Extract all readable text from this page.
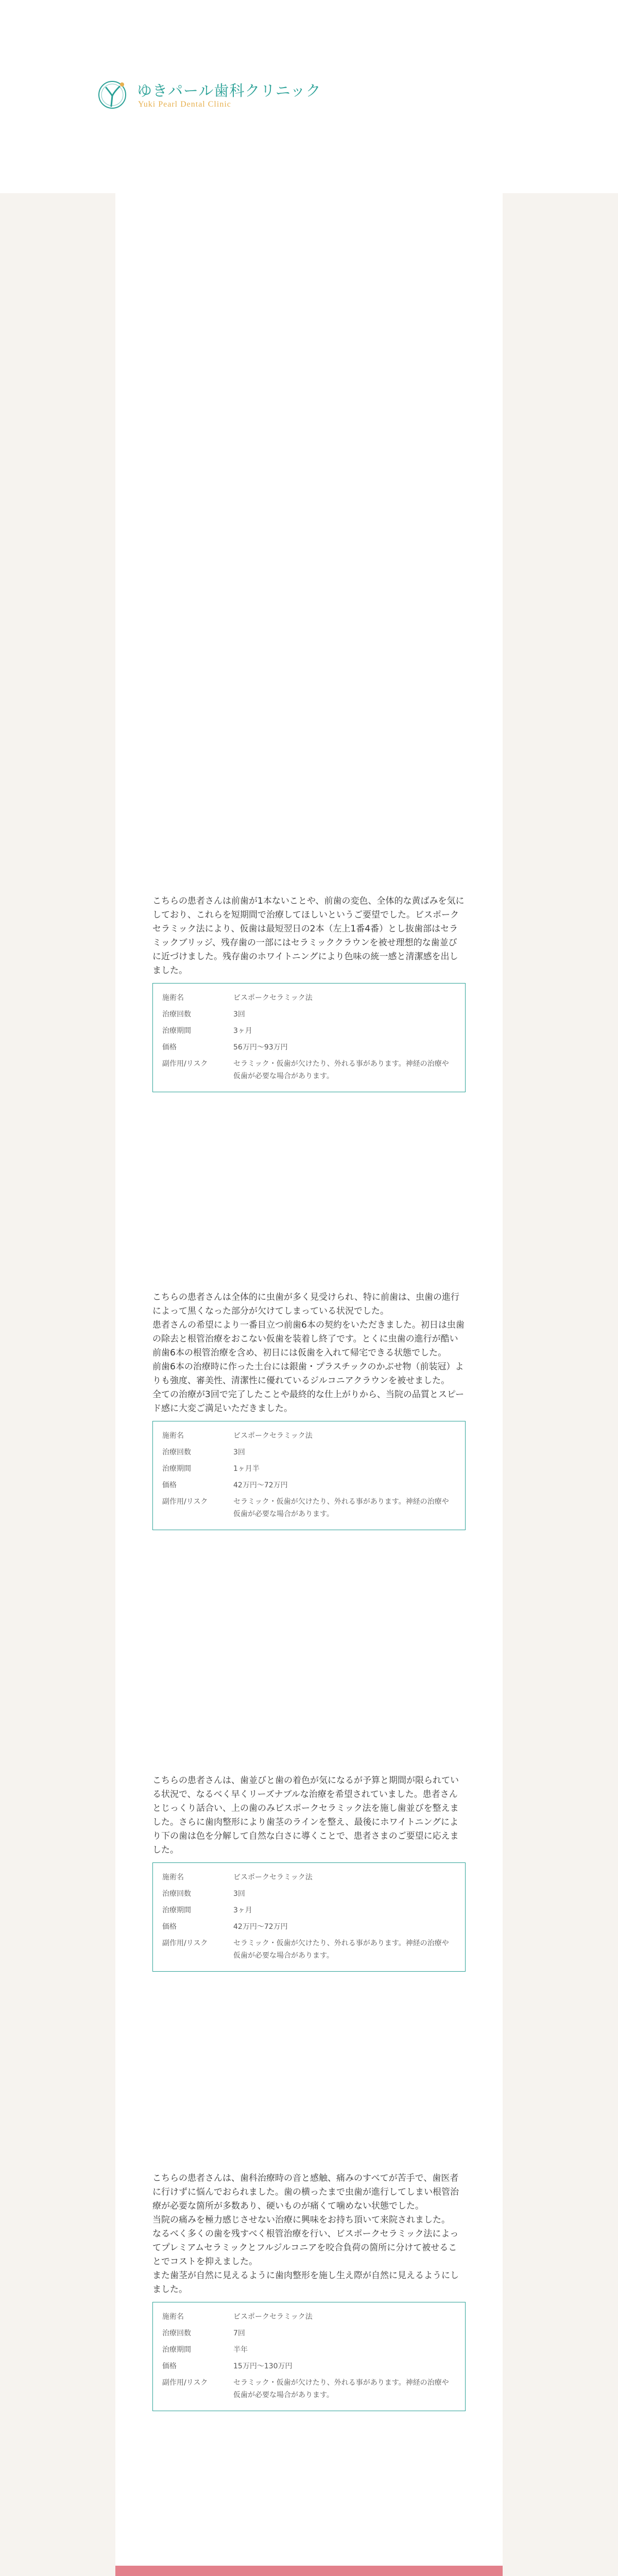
ゆきパール歯科クリニック
Yuki Pearl Dental Clinic

こちらの患者さんは前歯が1本ないことや、前歯の変色、全体的な黄ばみを気にしており、これらを短期間で治療してほしいというご要望でした。ビスポークセラミック法により、仮歯は最短翌日の2本（左上1番4番）とし抜歯部はセラミックブリッジ、残存歯の一部にはセラミッククラウンを被せ理想的な歯並びに近づけました。残存歯のホワイトニングにより色味の統一感と清潔感を出しました。

施術名	ビスポークセラミック法
治療回数	3回
治療期間	3ヶ月
価格	56万円〜93万円
副作用/リスク	セラミック・仮歯が欠けたり、外れる事があります。神経の治療や仮歯が必要な場合があります。

こちらの患者さんは全体的に虫歯が多く見受けられ、特に前歯は、虫歯の進行によって黒くなった部分が欠けてしまっている状況でした。

患者さんの希望により一番目立つ前歯6本の契約をいただきました。初日は虫歯の除去と根管治療をおこない仮歯を装着し終了です。とくに虫歯の進行が酷い前歯6本の根管治療を含め、初日には仮歯を入れて帰宅できる状態でした。

前歯6本の治療時に作った土台には銀歯・プラスチックのかぶせ物（前装冠）よりも強度、審美性、清潔性に優れているジルコニアクラウンを被せました。

全ての治療が3回で完了したことや最終的な仕上がりから、当院の品質とスピード感に大変ご満足いただきました。

施術名	ビスポークセラミック法
治療回数	3回
治療期間	1ヶ月半
価格	42万円〜72万円
副作用/リスク	セラミック・仮歯が欠けたり、外れる事があります。神経の治療や仮歯が必要な場合があります。

こちらの患者さんは、歯並びと歯の着色が気になるが予算と期間が限られている状況で、なるべく早くリーズナブルな治療を希望されていました。患者さんとじっくり話合い、上の歯のみビスポークセラミック法を施し歯並びを整えました。さらに歯肉整形により歯茎のラインを整え、最後にホワイトニングにより下の歯は色を分解して自然な白さに導くことで、患者さまのご要望に応えました。

施術名	ビスポークセラミック法
治療回数	3回
治療期間	3ヶ月
価格	42万円〜72万円
副作用/リスク	セラミック・仮歯が欠けたり、外れる事があります。神経の治療や仮歯が必要な場合があります。

こちらの患者さんは、歯科治療時の音と感触、痛みのすべてが苦手で、歯医者に行けずに悩んでおられました。歯の横ったまで虫歯が進行してしまい根管治療が必要な箇所が多数あり、硬いものが痛くて噛めない状態でした。

当院の痛みを極力感じさせない治療に興味をお持ち頂いて来院されました。

なるべく多くの歯を残すべく根管治療を行い、ビスポークセラミック法によってプレミアムセラミックとフルジルコニアを咬合負荷の箇所に分けて被せることでコストを抑えました。

また歯茎が自然に見えるように歯肉整形を施し生え際が自然に見えるようにしました。

施術名	ビスポークセラミック法
治療回数	7回
治療期間	半年
価格	15万円〜130万円
副作用/リスク	セラミック・仮歯が欠けたり、外れる事があります。神経の治療や仮歯が必要な場合があります。
